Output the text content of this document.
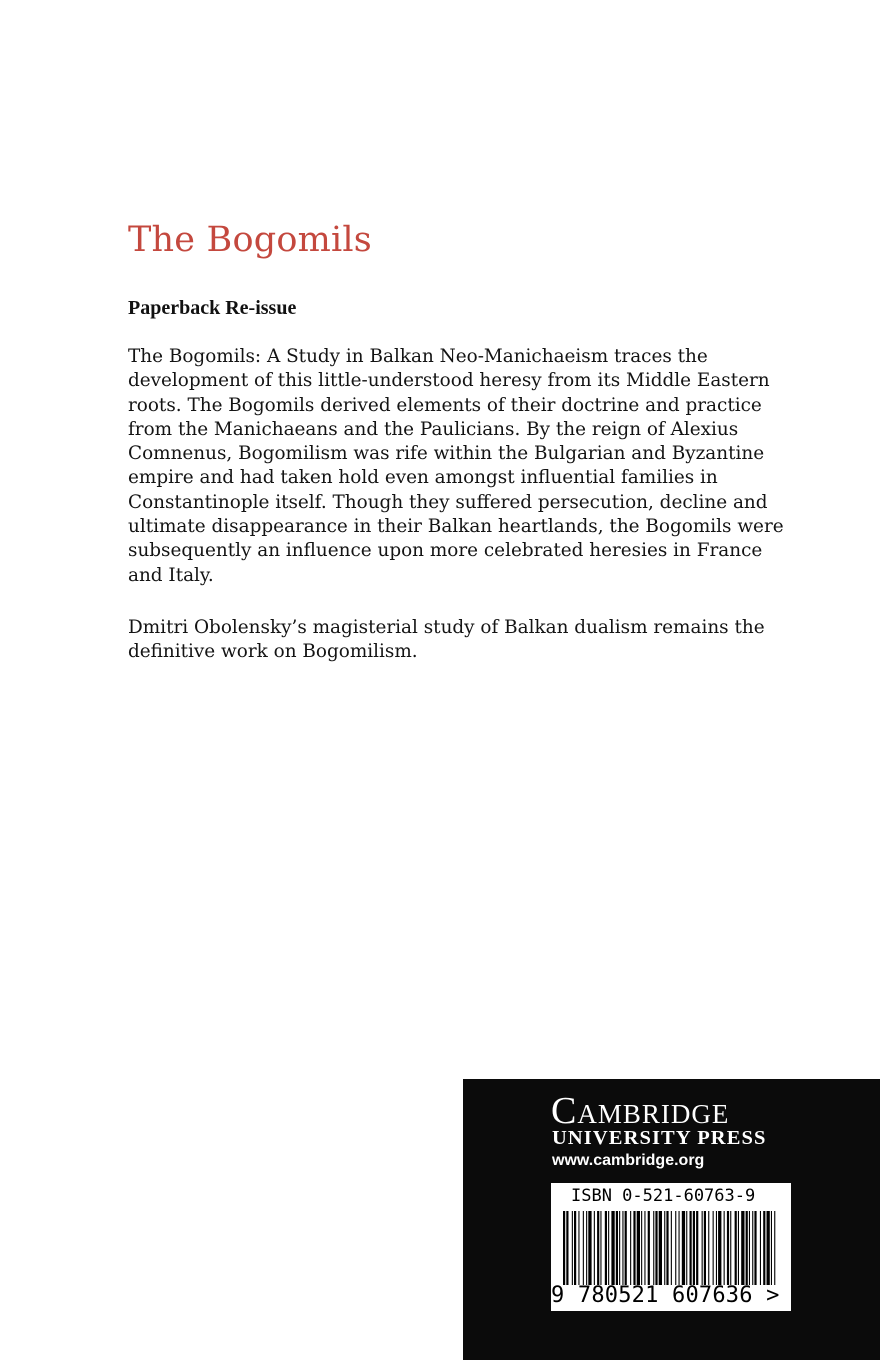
The Bogomils
Paperback Re-issue

The Bogomils: A Study in Balkan Neo-Manichaeism traces the
development of this little-understood heresy from its Middle Eastern
roots. The Bogomils derived elements of their doctrine and practice
from the Manichaeans and the Paulicians. By the reign of Alexius
Comnenus, Bogomilism was rife within the Bulgarian and Byzantine
empire and had taken hold even amongst influential families in
Constantinople itself. Though they suffered persecution, decline and
ultimate disappearance in their Balkan heartlands, the Bogomils were
subsequently an influence upon more celebrated heresies in France
and Italy.

Dmitri Obolensky’s magisterial study of Balkan dualism remains the
definitive work on Bogomilism.

Cambridge
UNIVERSITY PRESS
www.cambridge.org
ISBN 0-521-60763-9
9 780521 607636 >
